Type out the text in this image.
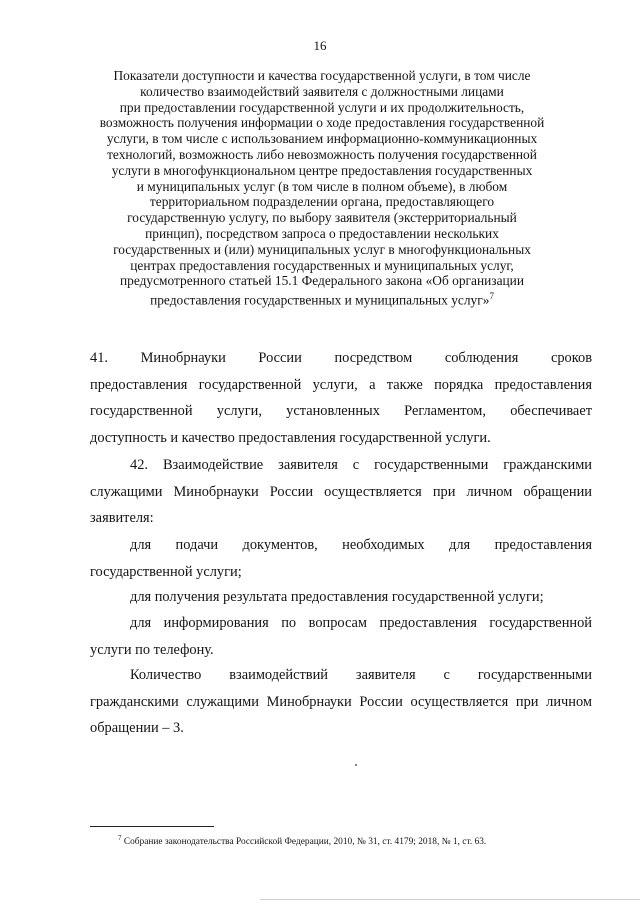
16
Показатели доступности и качества государственной услуги, в том числе
количество взаимодействий заявителя с должностными лицами
при предоставлении государственной услуги и их продолжительность,
возможность получения информации о ходе предоставления государственной
услуги, в том числе с использованием информационно-коммуникационных
технологий, возможность либо невозможность получения государственной
услуги в многофункциональном центре предоставления государственных
и муниципальных услуг (в том числе в полном объеме), в любом
территориальном подразделении органа, предоставляющего
государственную услугу, по выбору заявителя (экстерриториальный
принцип), посредством запроса о предоставлении нескольких
государственных и (или) муниципальных услуг в многофункциональных
центрах предоставления государственных и муниципальных услуг,
предусмотренного статьей 15.1 Федерального закона «Об организации
предоставления государственных и муниципальных услуг»$^7$
41. Минобрнауки России посредством соблюдения сроков
предоставления государственной услуги, а также порядка предоставления
государственной услуги, установленных Регламентом, обеспечивает
доступность и качество предоставления государственной услуги.
42. Взаимодействие заявителя с государственными гражданскими
служащими Минобрнауки России осуществляется при личном обращении
заявителя:
для подачи документов, необходимых для предоставления
государственной услуги;
для получения результата предоставления государственной услуги;
для информирования по вопросам предоставления государственной
услуги по телефону.
Количество взаимодействий заявителя с государственными
гражданскими служащими Минобрнауки России осуществляется при личном
обращении – 3.
$^7$ Собрание законодательства Российской Федерации, 2010, № 31, ст. 4179; 2018, № 1, ст. 63.
